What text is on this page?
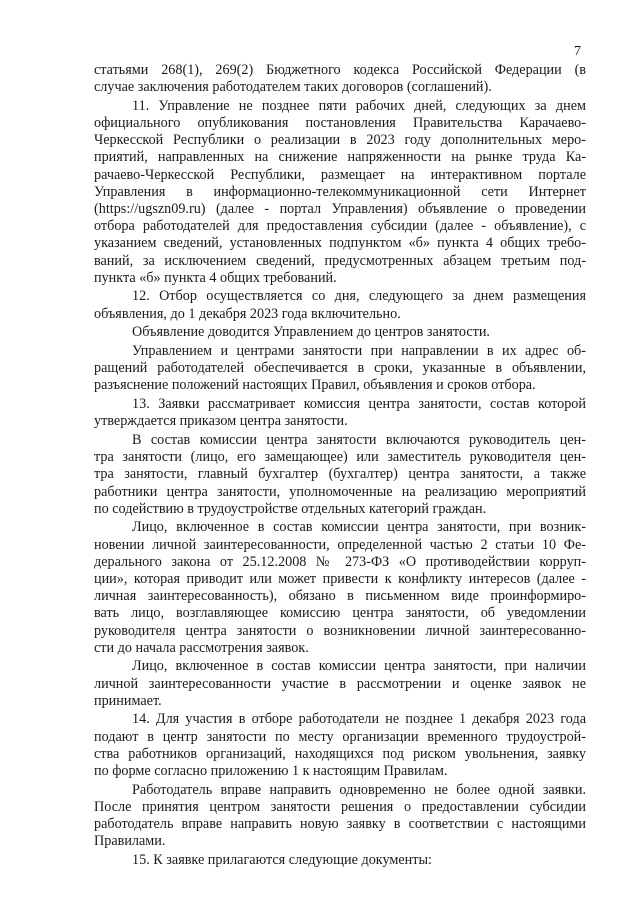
7
статьями 268(1), 269(2) Бюджетного кодекса Российской Федерации (в
случае заключения работодателем таких договоров (соглашений).
11. Управление не позднее пяти рабочих дней, следующих за днем
официального опубликования постановления Правительства Карачаево-
Черкесской Республики о реализации в 2023 году дополнительных меро-
приятий, направленных на снижение напряженности на рынке труда Ка-
рачаево-Черкесской Республики, размещает на интерактивном портале
Управления в информационно-телекоммуникационной сети Интернет
(https://ugszn09.ru) (далее - портал Управления) объявление о проведении
отбора работодателей для предоставления субсидии (далее - объявление), с
указанием сведений, установленных подпунктом «б» пункта 4 общих требо-
ваний, за исключением сведений, предусмотренных абзацем третьим под-
пункта «б» пункта 4 общих требований.
12. Отбор осуществляется со дня, следующего за днем размещения
объявления, до 1 декабря 2023 года включительно.
Объявление доводится Управлением до центров занятости.
Управлением и центрами занятости при направлении в их адрес об-
ращений работодателей обеспечивается в сроки, указанные в объявлении,
разъяснение положений настоящих Правил, объявления и сроков отбора.
13. Заявки рассматривает комиссия центра занятости, состав которой
утверждается приказом центра занятости.
В состав комиссии центра занятости включаются руководитель цен-
тра занятости (лицо, его замещающее) или заместитель руководителя цен-
тра занятости, главный бухгалтер (бухгалтер) центра занятости, а также
работники центра занятости, уполномоченные на реализацию мероприятий
по содействию в трудоустройстве отдельных категорий граждан.
Лицо, включенное в состав комиссии центра занятости, при возник-
новении личной заинтересованности, определенной частью 2 статьи 10 Фе-
дерального закона от 25.12.2008 № 273-ФЗ «О противодействии корруп-
ции», которая приводит или может привести к конфликту интересов (далее -
личная заинтересованность), обязано в письменном виде проинформиро-
вать лицо, возглавляющее комиссию центра занятости, об уведомлении
руководителя центра занятости о возникновении личной заинтересованно-
сти до начала рассмотрения заявок.
Лицо, включенное в состав комиссии центра занятости, при наличии
личной заинтересованности участие в рассмотрении и оценке заявок не
принимает.
14. Для участия в отборе работодатели не позднее 1 декабря 2023 года
подают в центр занятости по месту организации временного трудоустрой-
ства работников организаций, находящихся под риском увольнения, заявку
по форме согласно приложению 1 к настоящим Правилам.
Работодатель вправе направить одновременно не более одной заявки.
После принятия центром занятости решения о предоставлении субсидии
работодатель вправе направить новую заявку в соответствии с настоящими
Правилами.
15. К заявке прилагаются следующие документы:
